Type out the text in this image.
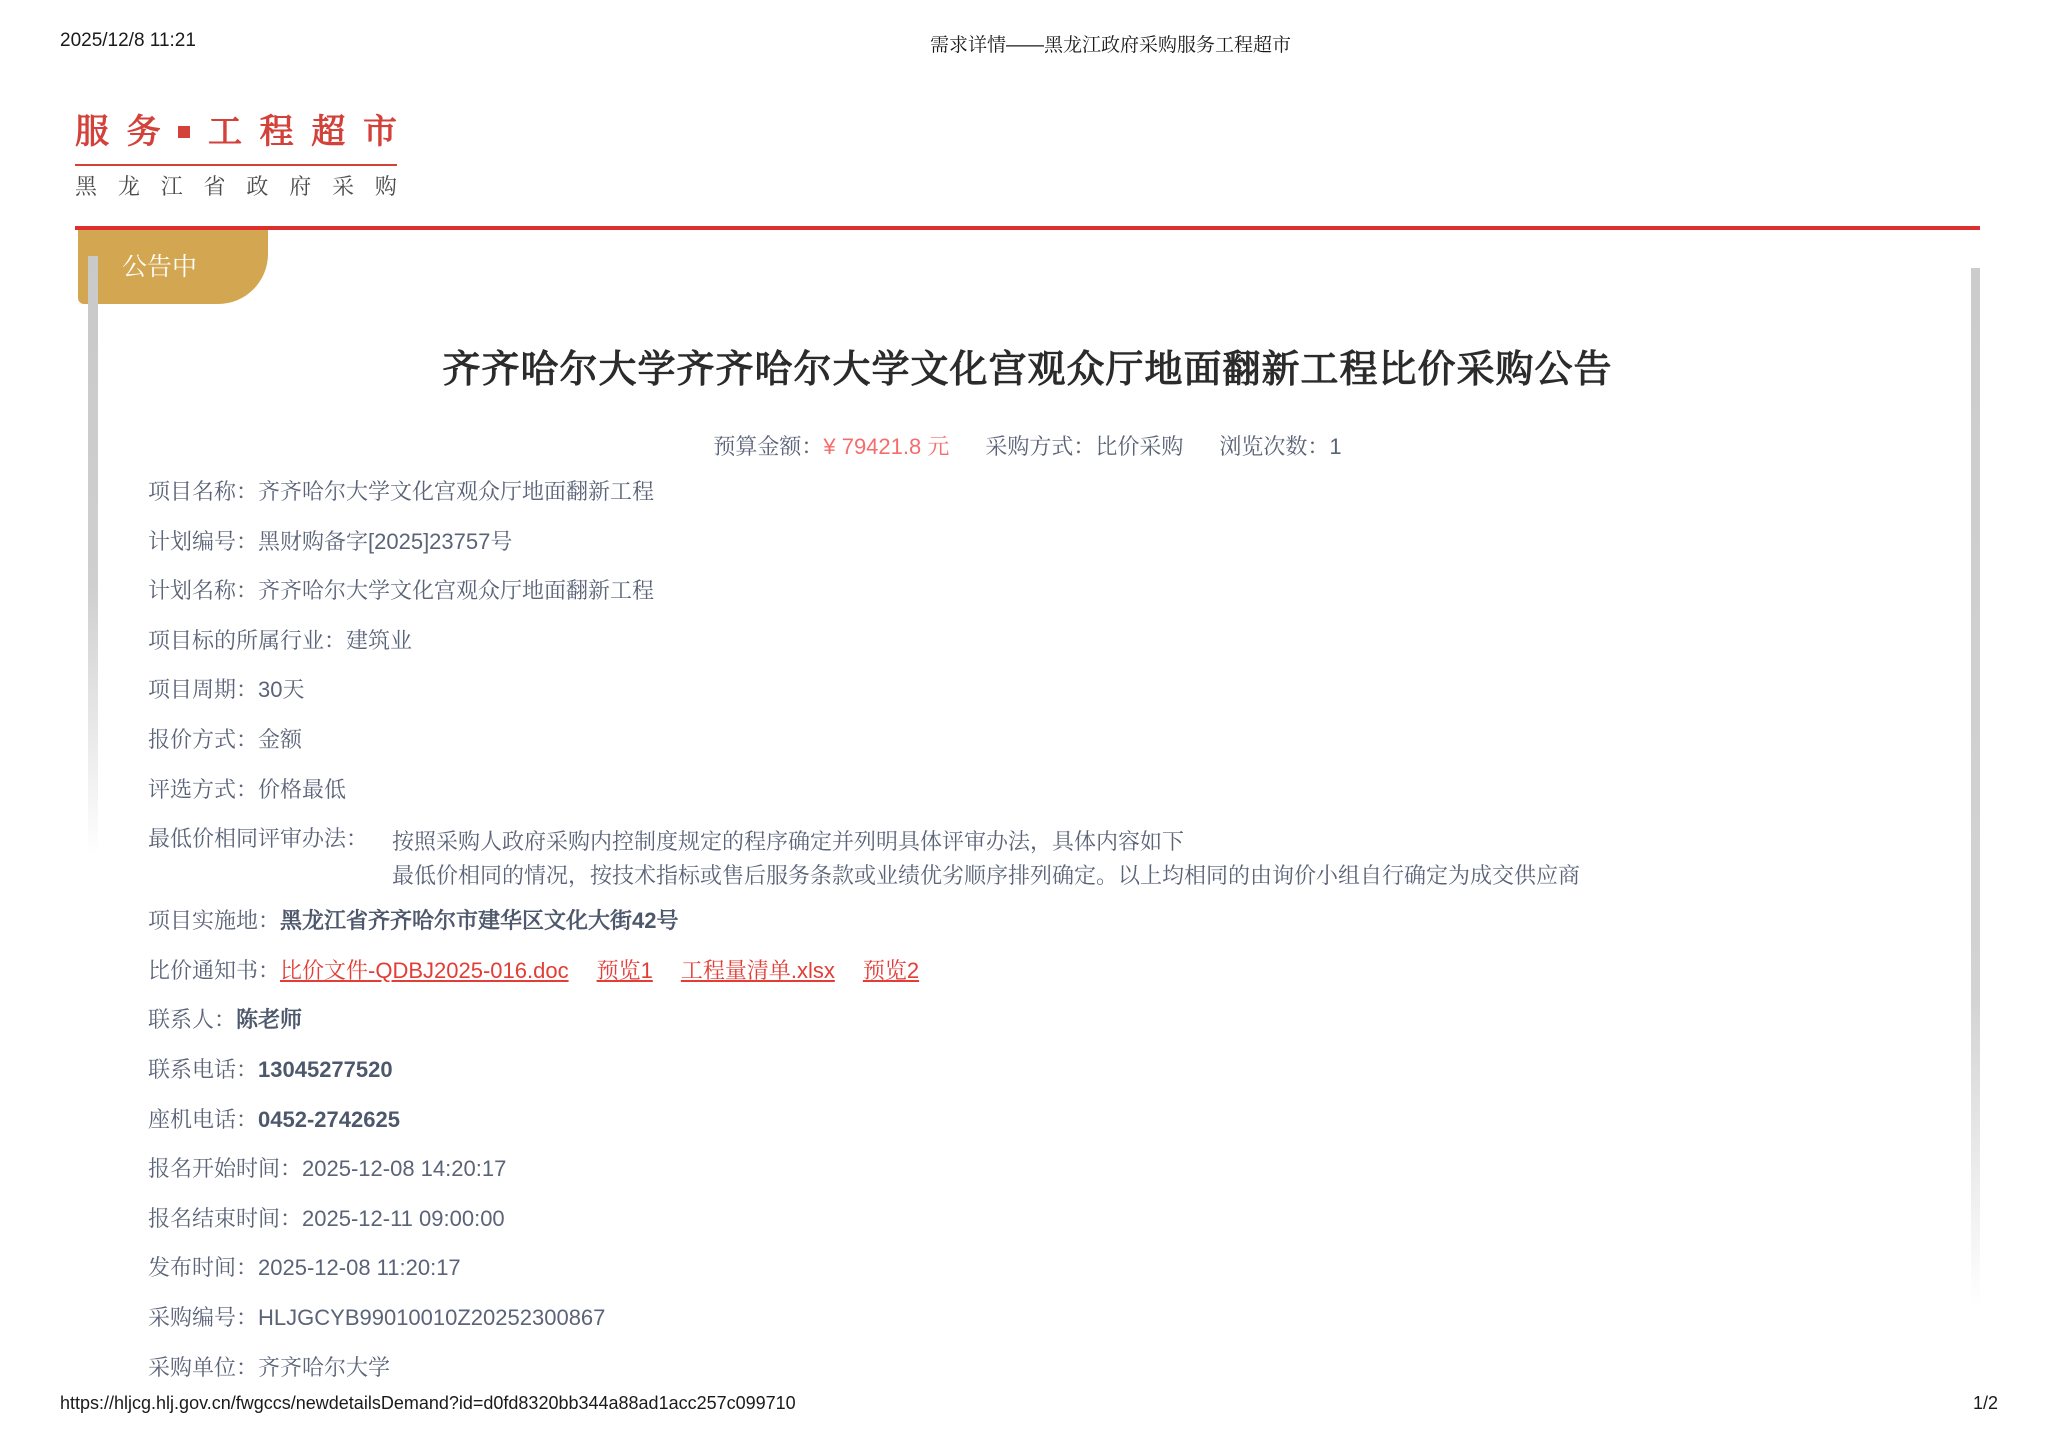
2025/12/8 11:21	需求详情——黑龙江政府采购服务工程超市
服 务 工 程 超 市
黑 龙 江 省 政 府 采 购
公告中
齐齐哈尔大学齐齐哈尔大学文化宫观众厅地面翻新工程比价采购公告
预算金额：¥ 79421.8 元 采购方式：比价采购 浏览次数：1
项目名称： 齐齐哈尔大学文化宫观众厅地面翻新工程
计划编号： 黑财购备字[2025]23757号
计划名称： 齐齐哈尔大学文化宫观众厅地面翻新工程
项目标的所属行业： 建筑业
项目周期： 30天
报价方式： 金额
评选方式： 价格最低
最低价相同评审办法： 按照采购人政府采购内控制度规定的程序确定并列明具体评审办法，具体内容如下
最低价相同的情况，按技术指标或售后服务条款或业绩优劣顺序排列确定。以上均相同的由询价小组自行确定为成交供应商
项目实施地： 黑龙江省齐齐哈尔市建华区文化大街42号
比价通知书： 比价文件-QDBJ2025-016.doc 预览1 工程量清单.xlsx 预览2
联系人： 陈老师
联系电话： 13045277520
座机电话： 0452-2742625
报名开始时间： 2025-12-08 14:20:17
报名结束时间： 2025-12-11 09:00:00
发布时间： 2025-12-08 11:20:17
采购编号： HLJGCYB99010010Z20252300867
采购单位： 齐齐哈尔大学
https://hljcg.hlj.gov.cn/fwgccs/newdetailsDemand?id=d0fd8320bb344a88ad1acc257c099710	1/2
